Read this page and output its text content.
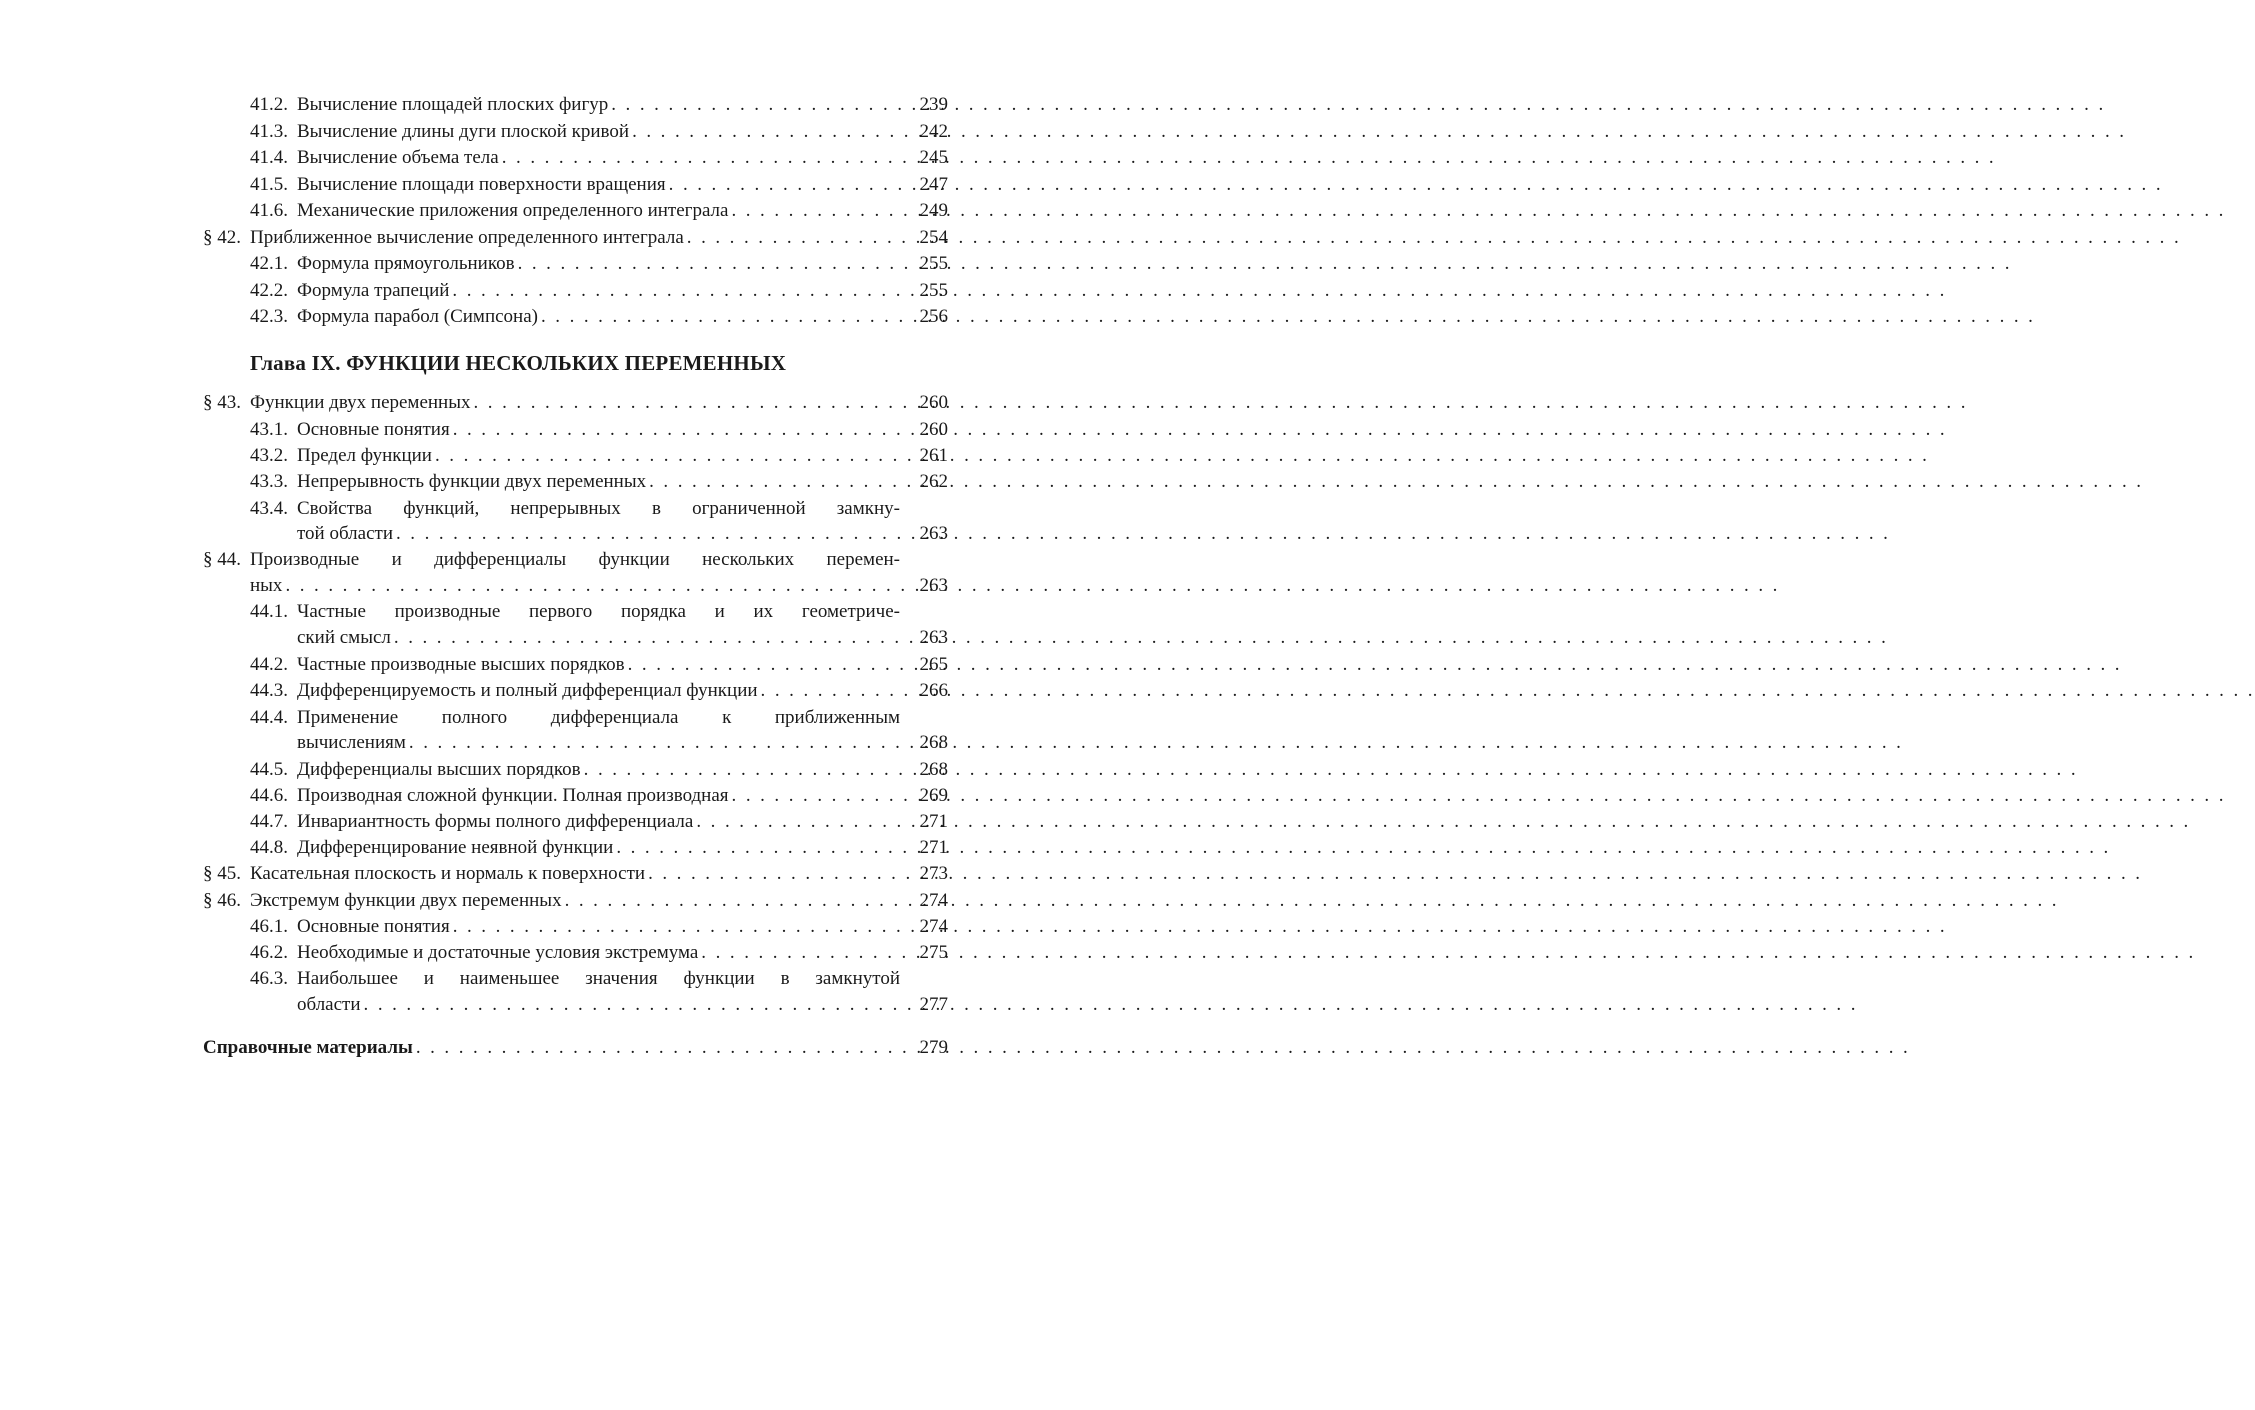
41.2. Вычисление площадей плоских фигур . . .	239
41.3. Вычисление длины дуги плоской кривой . . .	242
41.4. Вычисление объема тела . . .	245
41.5. Вычисление площади поверхности вращения . . .	247
41.6. Механические приложения определенного интеграла . . .	249
§ 42. Приближенное вычисление определенного интеграла . . .	254
42.1. Формула прямоугольников . . .	255
42.2. Формула трапеций . . .	255
42.3. Формула парабол (Симпсона) . . .	256
Глава IX. ФУНКЦИИ НЕСКОЛЬКИХ ПЕРЕМЕННЫХ
§ 43. Функции двух переменных . . .	260
43.1. Основные понятия . . .	260
43.2. Предел функции . . .	261
43.3. Непрерывность функции двух переменных . . .	262
43.4. Свойства функций, непрерывных в ограниченной замкну-
той области . . .	263
§ 44. Производные и дифференциалы функции нескольких перемен-
ных . . .	263
44.1. Частные производные первого порядка и их геометриче-
ский смысл . . .	263
44.2. Частные производные высших порядков . . .	265
44.3. Дифференцируемость и полный дифференциал функции . . .	266
44.4. Применение полного дифференциала к приближенным
вычислениям . . .	268
44.5. Дифференциалы высших порядков . . .	268
44.6. Производная сложной функции. Полная производная . . .	269
44.7. Инвариантность формы полного дифференциала . . .	271
44.8. Дифференцирование неявной функции . . .	271
§ 45. Касательная плоскость и нормаль к поверхности . . .	273
§ 46. Экстремум функции двух переменных . . .	274
46.1. Основные понятия . . .	274
46.2. Необходимые и достаточные условия экстремума . . .	275
46.3. Наибольшее и наименьшее значения функции в замкнутой
области . . .	277
Справочные материалы . . .	279
